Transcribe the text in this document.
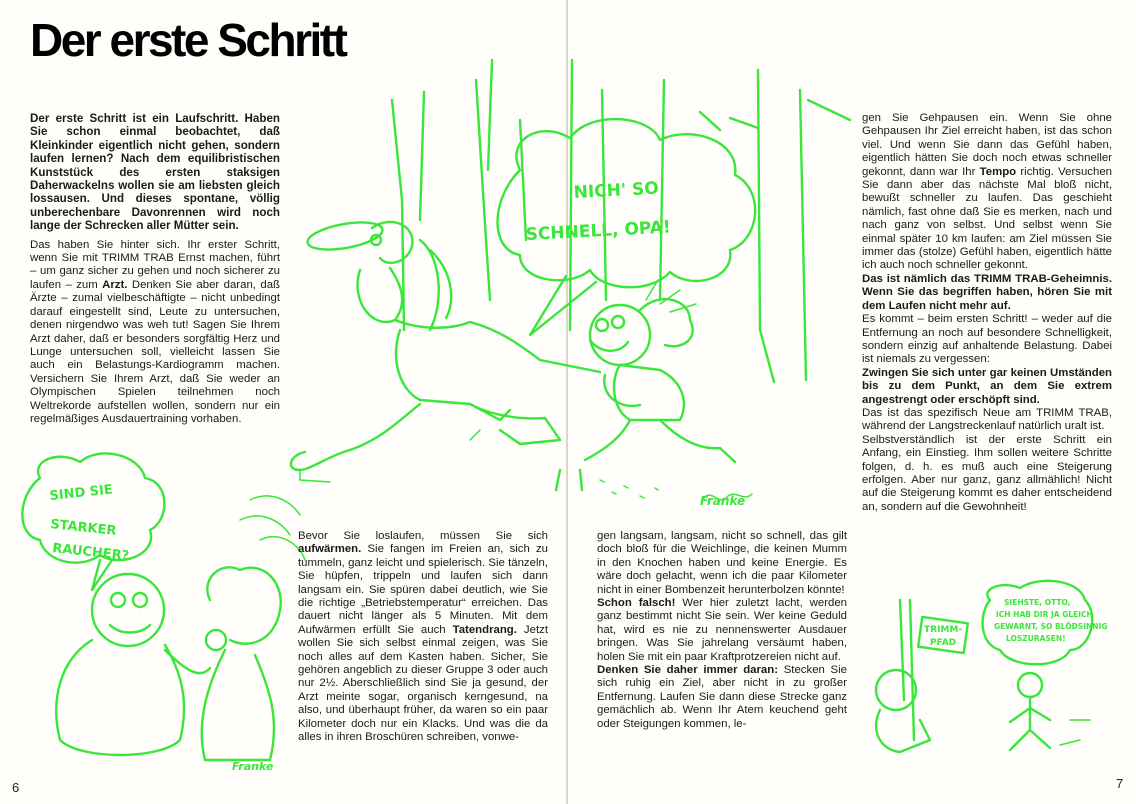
Der erste Schritt
NICH' SO
SCHNELL, OPA!
SIND SIE
STARKER
RAUCHER?
TRIMM-
PFAD
SIEHSTE, OTTO,
ICH HAB DIR JA GLEICH
GEWARNT, SO BLÖDSINNIG
LOSZURASEN!
Franke
Franke

Der erste Schritt ist ein Laufschritt. Haben Sie schon einmal beobachtet, daß Kleinkinder eigentlich nicht gehen, sondern laufen lernen? Nach dem equilibristischen Kunststück des ersten staksigen Daherwackelns wollen sie am liebsten gleich lossausen. Und dieses spontane, völlig unberechenbare Davonrennen wird noch lange der Schrecken aller Mütter sein.

Das haben Sie hinter sich. Ihr erster Schritt, wenn Sie mit TRIMM TRAB Ernst machen, führt – um ganz sicher zu gehen und noch sicherer zu laufen – zum Arzt. Denken Sie aber daran, daß Ärzte – zumal vielbeschäftigte – nicht unbedingt darauf eingestellt sind, Leute zu untersuchen, denen nirgendwo was weh tut! Sagen Sie Ihrem Arzt daher, daß er besonders sorgfältig Herz und Lunge untersuchen soll, vielleicht lassen Sie auch ein Belastungs-Kardiogramm machen. Versichern Sie Ihrem Arzt, daß Sie weder an Olympischen Spielen teilnehmen noch Weltrekorde aufstellen wollen, sondern nur ein regelmäßiges Ausdauertraining vorhaben.

Bevor Sie loslaufen, müssen Sie sich aufwärmen. Sie fangen im Freien an, sich zu tummeln, ganz leicht und spielerisch. Sie tänzeln, Sie hüpfen, trippeln und laufen sich dann langsam ein. Sie spüren dabei deutlich, wie Sie die richtige „Betriebstemperatur“ erreichen. Das dauert nicht länger als 5 Minuten. Mit dem Aufwärmen erfüllt Sie auch Tatendrang. Jetzt wollen Sie sich selbst einmal zeigen, was Sie noch alles auf dem Kasten haben. Sicher, Sie gehören angeblich zu dieser Gruppe 3 oder auch nur 2½. Aberschließlich sind Sie ja gesund, der Arzt meinte sogar, organisch kerngesund, na also, und überhaupt früher, da waren so ein paar Kilometer doch nur ein Klacks. Und was die da alles in ihren Broschüren schreiben, vonwe-

gen langsam, langsam, nicht so schnell, das gilt doch bloß für die Weichlinge, die keinen Mumm in den Knochen haben und keine Energie. Es wäre doch gelacht, wenn ich die paar Kilometer nicht in einer Bombenzeit herunterbolzen könnte!

Schon falsch! Wer hier zuletzt lacht, werden ganz bestimmt nicht Sie sein. Wer keine Geduld hat, wird es nie zu nennenswerter Ausdauer bringen. Was Sie jahrelang versäumt haben, holen Sie mit ein paar Kraftprotzereien nicht auf.

Denken Sie daher immer daran: Stecken Sie sich ruhig ein Ziel, aber nicht in zu großer Entfernung. Laufen Sie dann diese Strecke ganz gemächlich ab. Wenn Ihr Atem keuchend geht oder Steigungen kommen, le-

gen Sie Gehpausen ein. Wenn Sie ohne Gehpausen Ihr Ziel erreicht haben, ist das schon viel. Und wenn Sie dann das Gefühl haben, eigentlich hätten Sie doch noch etwas schneller gekonnt, dann war Ihr Tempo richtig. Versuchen Sie dann aber das nächste Mal bloß nicht, bewußt schneller zu laufen. Das geschieht nämlich, fast ohne daß Sie es merken, nach und nach ganz von selbst. Und selbst wenn Sie einmal später 10 km laufen: am Ziel müssen Sie immer das (stolze) Gefühl haben, eigentlich hätte ich auch noch schneller gekonnt.

Das ist nämlich das TRIMM TRAB-Geheimnis. Wenn Sie das begriffen haben, hören Sie mit dem Laufen nicht mehr auf.

Es kommt – beim ersten Schritt! – weder auf die Entfernung an noch auf besondere Schnelligkeit, sondern einzig auf anhaltende Belastung. Dabei ist niemals zu vergessen:

Zwingen Sie sich unter gar keinen Umständen bis zu dem Punkt, an dem Sie extrem angestrengt oder erschöpft sind.

Das ist das spezifisch Neue am TRIMM TRAB, während der Langstreckenlauf natürlich uralt ist.

Selbstverständlich ist der erste Schritt ein Anfang, ein Einstieg. Ihm sollen weitere Schritte folgen, d. h. es muß auch eine Steigerung erfolgen. Aber nur ganz, ganz allmählich! Nicht auf die Steigerung kommt es daher entscheidend an, sondern auf die Gewohnheit!

6	7
